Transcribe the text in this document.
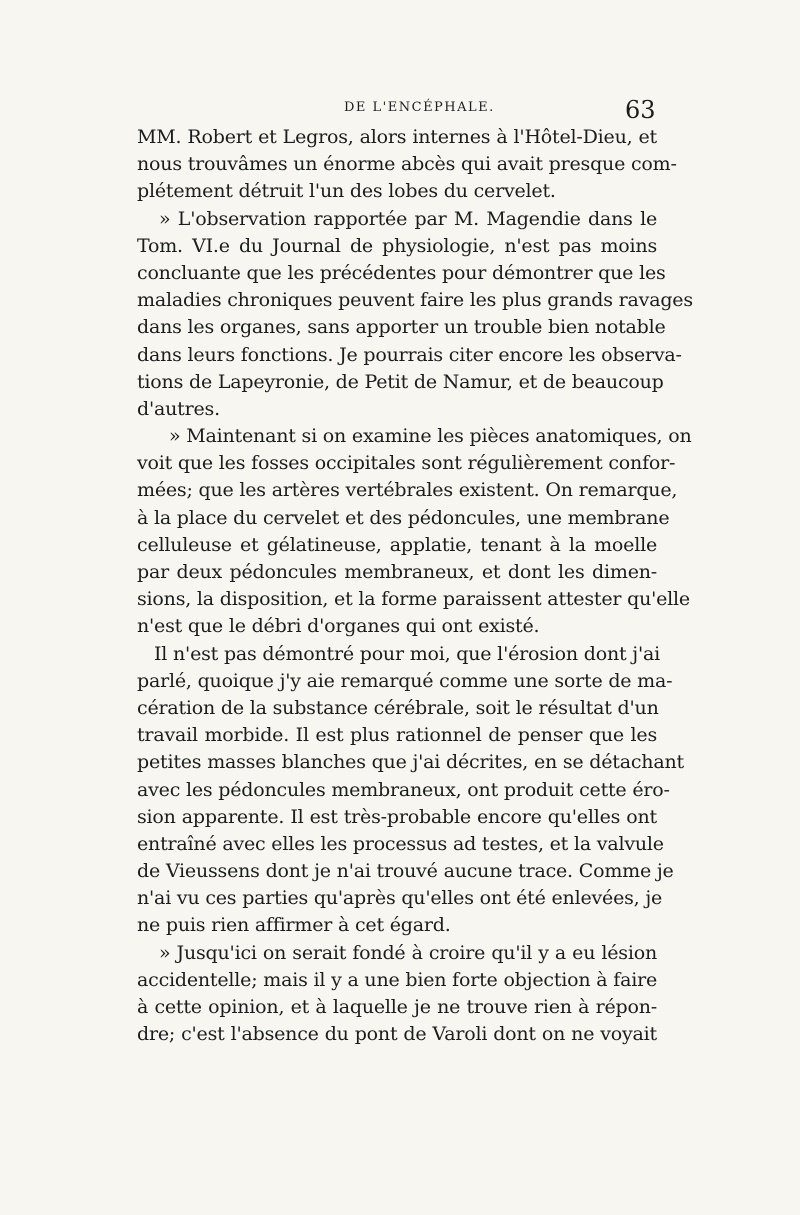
DE L'ENCÉPHALE.	63
MM. Robert et Legros, alors internes à l'Hôtel-Dieu, et
nous trouvâmes un énorme abcès qui avait presque com-
plétement détruit l'un des lobes du cervelet.
» L'observation rapportée par M. Magendie dans le
Tom. VI.e du Journal de physiologie, n'est pas moins
concluante que les précédentes pour démontrer que les
maladies chroniques peuvent faire les plus grands ravages
dans les organes, sans apporter un trouble bien notable
dans leurs fonctions. Je pourrais citer encore les observa-
tions de Lapeyronie, de Petit de Namur, et de beaucoup
d'autres.
» Maintenant si on examine les pièces anatomiques, on
voit que les fosses occipitales sont régulièrement confor-
mées; que les artères vertébrales existent. On remarque,
à la place du cervelet et des pédoncules, une membrane
celluleuse et gélatineuse, applatie, tenant à la moelle
par deux pédoncules membraneux, et dont les dimen-
sions, la disposition, et la forme paraissent attester qu'elle
n'est que le débri d'organes qui ont existé.
Il n'est pas démontré pour moi, que l'érosion dont j'ai
parlé, quoique j'y aie remarqué comme une sorte de ma-
cération de la substance cérébrale, soit le résultat d'un
travail morbide. Il est plus rationnel de penser que les
petites masses blanches que j'ai décrites, en se détachant
avec les pédoncules membraneux, ont produit cette éro-
sion apparente. Il est très-probable encore qu'elles ont
entraîné avec elles les processus ad testes, et la valvule
de Vieussens dont je n'ai trouvé aucune trace. Comme je
n'ai vu ces parties qu'après qu'elles ont été enlevées, je
ne puis rien affirmer à cet égard.
» Jusqu'ici on serait fondé à croire qu'il y a eu lésion
accidentelle; mais il y a une bien forte objection à faire
à cette opinion, et à laquelle je ne trouve rien à répon-
dre; c'est l'absence du pont de Varoli dont on ne voyait
